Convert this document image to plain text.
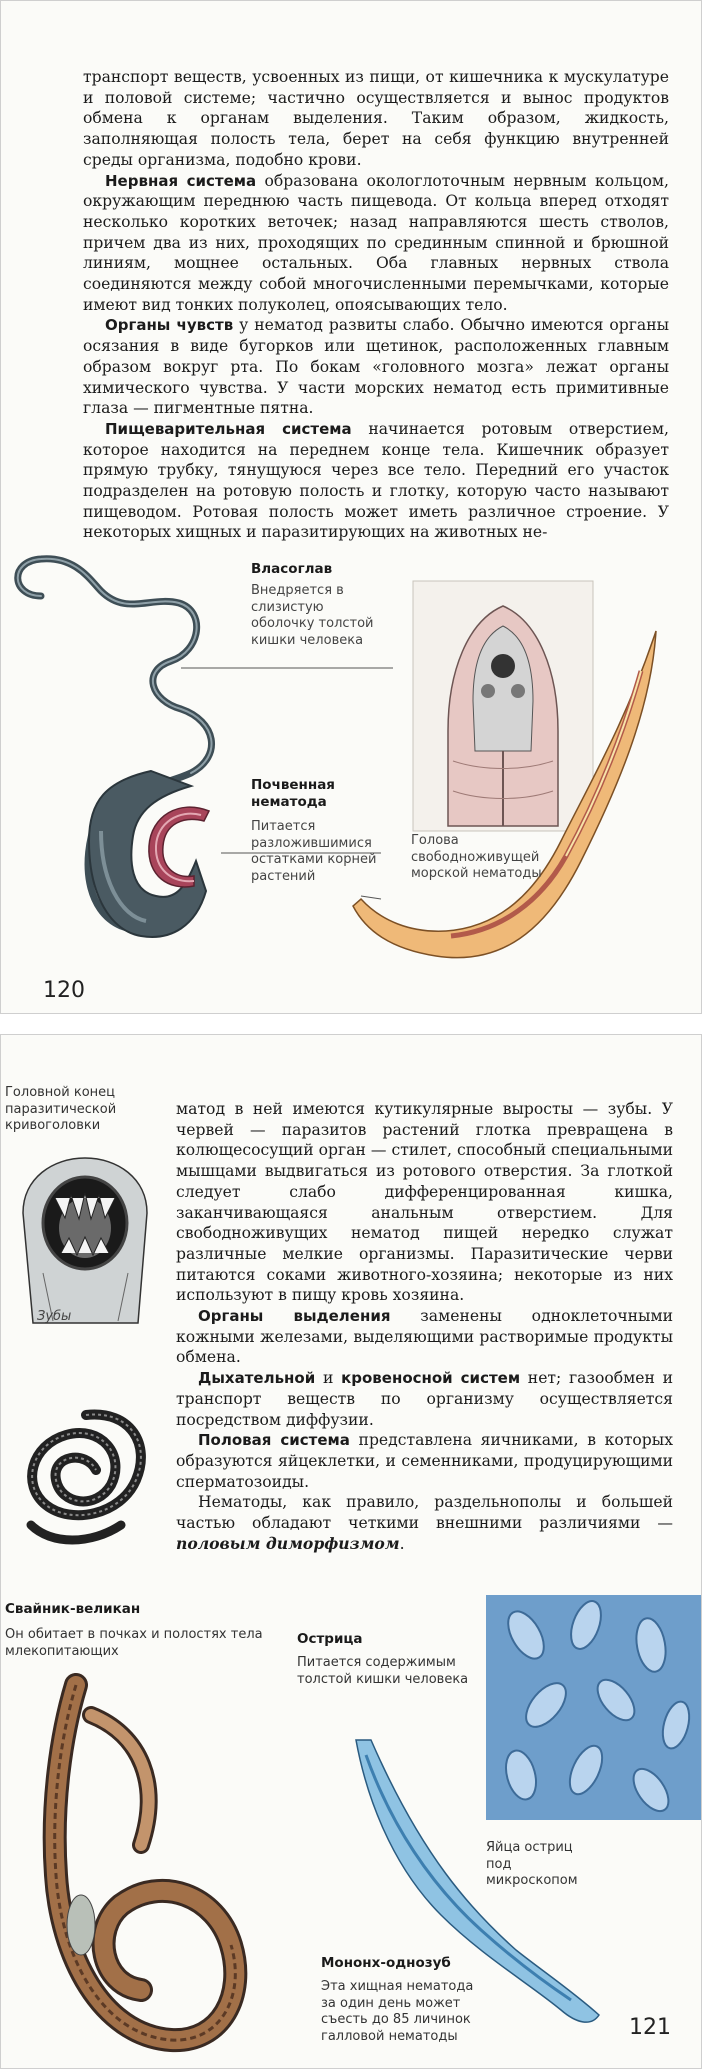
транспорт веществ, усвоенных из пищи, от кишечника к мускулатуре и половой системе; частично осуществляется и вынос продуктов обмена к органам выделения. Таким образом, жидкость, заполняющая полость тела, берет на себя функцию внутренней среды организма, подобно крови.

Нервная система образована окологлоточным нервным кольцом, окружающим переднюю часть пищевода. От кольца вперед отходят несколько коротких веточек; назад направляются шесть стволов, причем два из них, проходящих по срединным спинной и брюшной линиям, мощнее остальных. Оба главных нервных ствола соединяются между собой многочисленными перемычками, которые имеют вид тонких полуколец, опоясывающих тело.

Органы чувств у нематод развиты слабо. Обычно имеются органы осязания в виде бугорков или щетинок, расположенных главным образом вокруг рта. По бокам «головного мозга» лежат органы химического чувства. У части морских нематод есть примитивные глаза — пигментные пятна.

Пищеварительная система начинается ротовым отверстием, которое находится на переднем конце тела. Кишечник образует прямую трубку, тянущуюся через все тело. Передний его участок подразделен на ротовую полость и глотку, которую часто называют пищеводом. Ротовая полость может иметь различное строение. У некоторых хищных и паразитирующих на животных не-

Власоглав
Внедряется в слизистую оболочку толстой кишки человека
Почвенная нематода
Питается разложившимися остатками корней растений
Голова свободноживущей морской нематоды
120
Головной конец паразитической кривоголовки
Зубы

матод в ней имеются кутикулярные выросты — зубы. У червей — паразитов растений глотка превращена в колющесосущий орган — стилет, способный специальными мышцами выдвигаться из ротового отверстия. За глоткой следует слабо дифференцированная кишка, заканчивающаяся анальным отверстием. Для свободноживущих нематод пищей нередко служат различные мелкие организмы. Паразитические черви питаются соками животного-хозяина; некоторые из них используют в пищу кровь хозяина.

Органы выделения заменены одноклеточными кожными железами, выделяющими растворимые продукты обмена.

Дыхательной и кровеносной систем нет; газообмен и транспорт веществ по организму осуществляется посредством диффузии.

Половая система представлена яичниками, в которых образуются яйцеклетки, и семенниками, продуцирующими сперматозоиды.

Нематоды, как правило, раздельнополы и большей частью обладают четкими внешними различиями — половым диморфизмом.

Свайник-великан
Он обитает в почках и полостях тела млекопитающих
Острица
Питается содержимым толстой кишки человека
Яйца остриц под микроскопом
Мононх-однозуб
Эта хищная нематода за один день может съесть до 85 личинок галловой нематоды	121
